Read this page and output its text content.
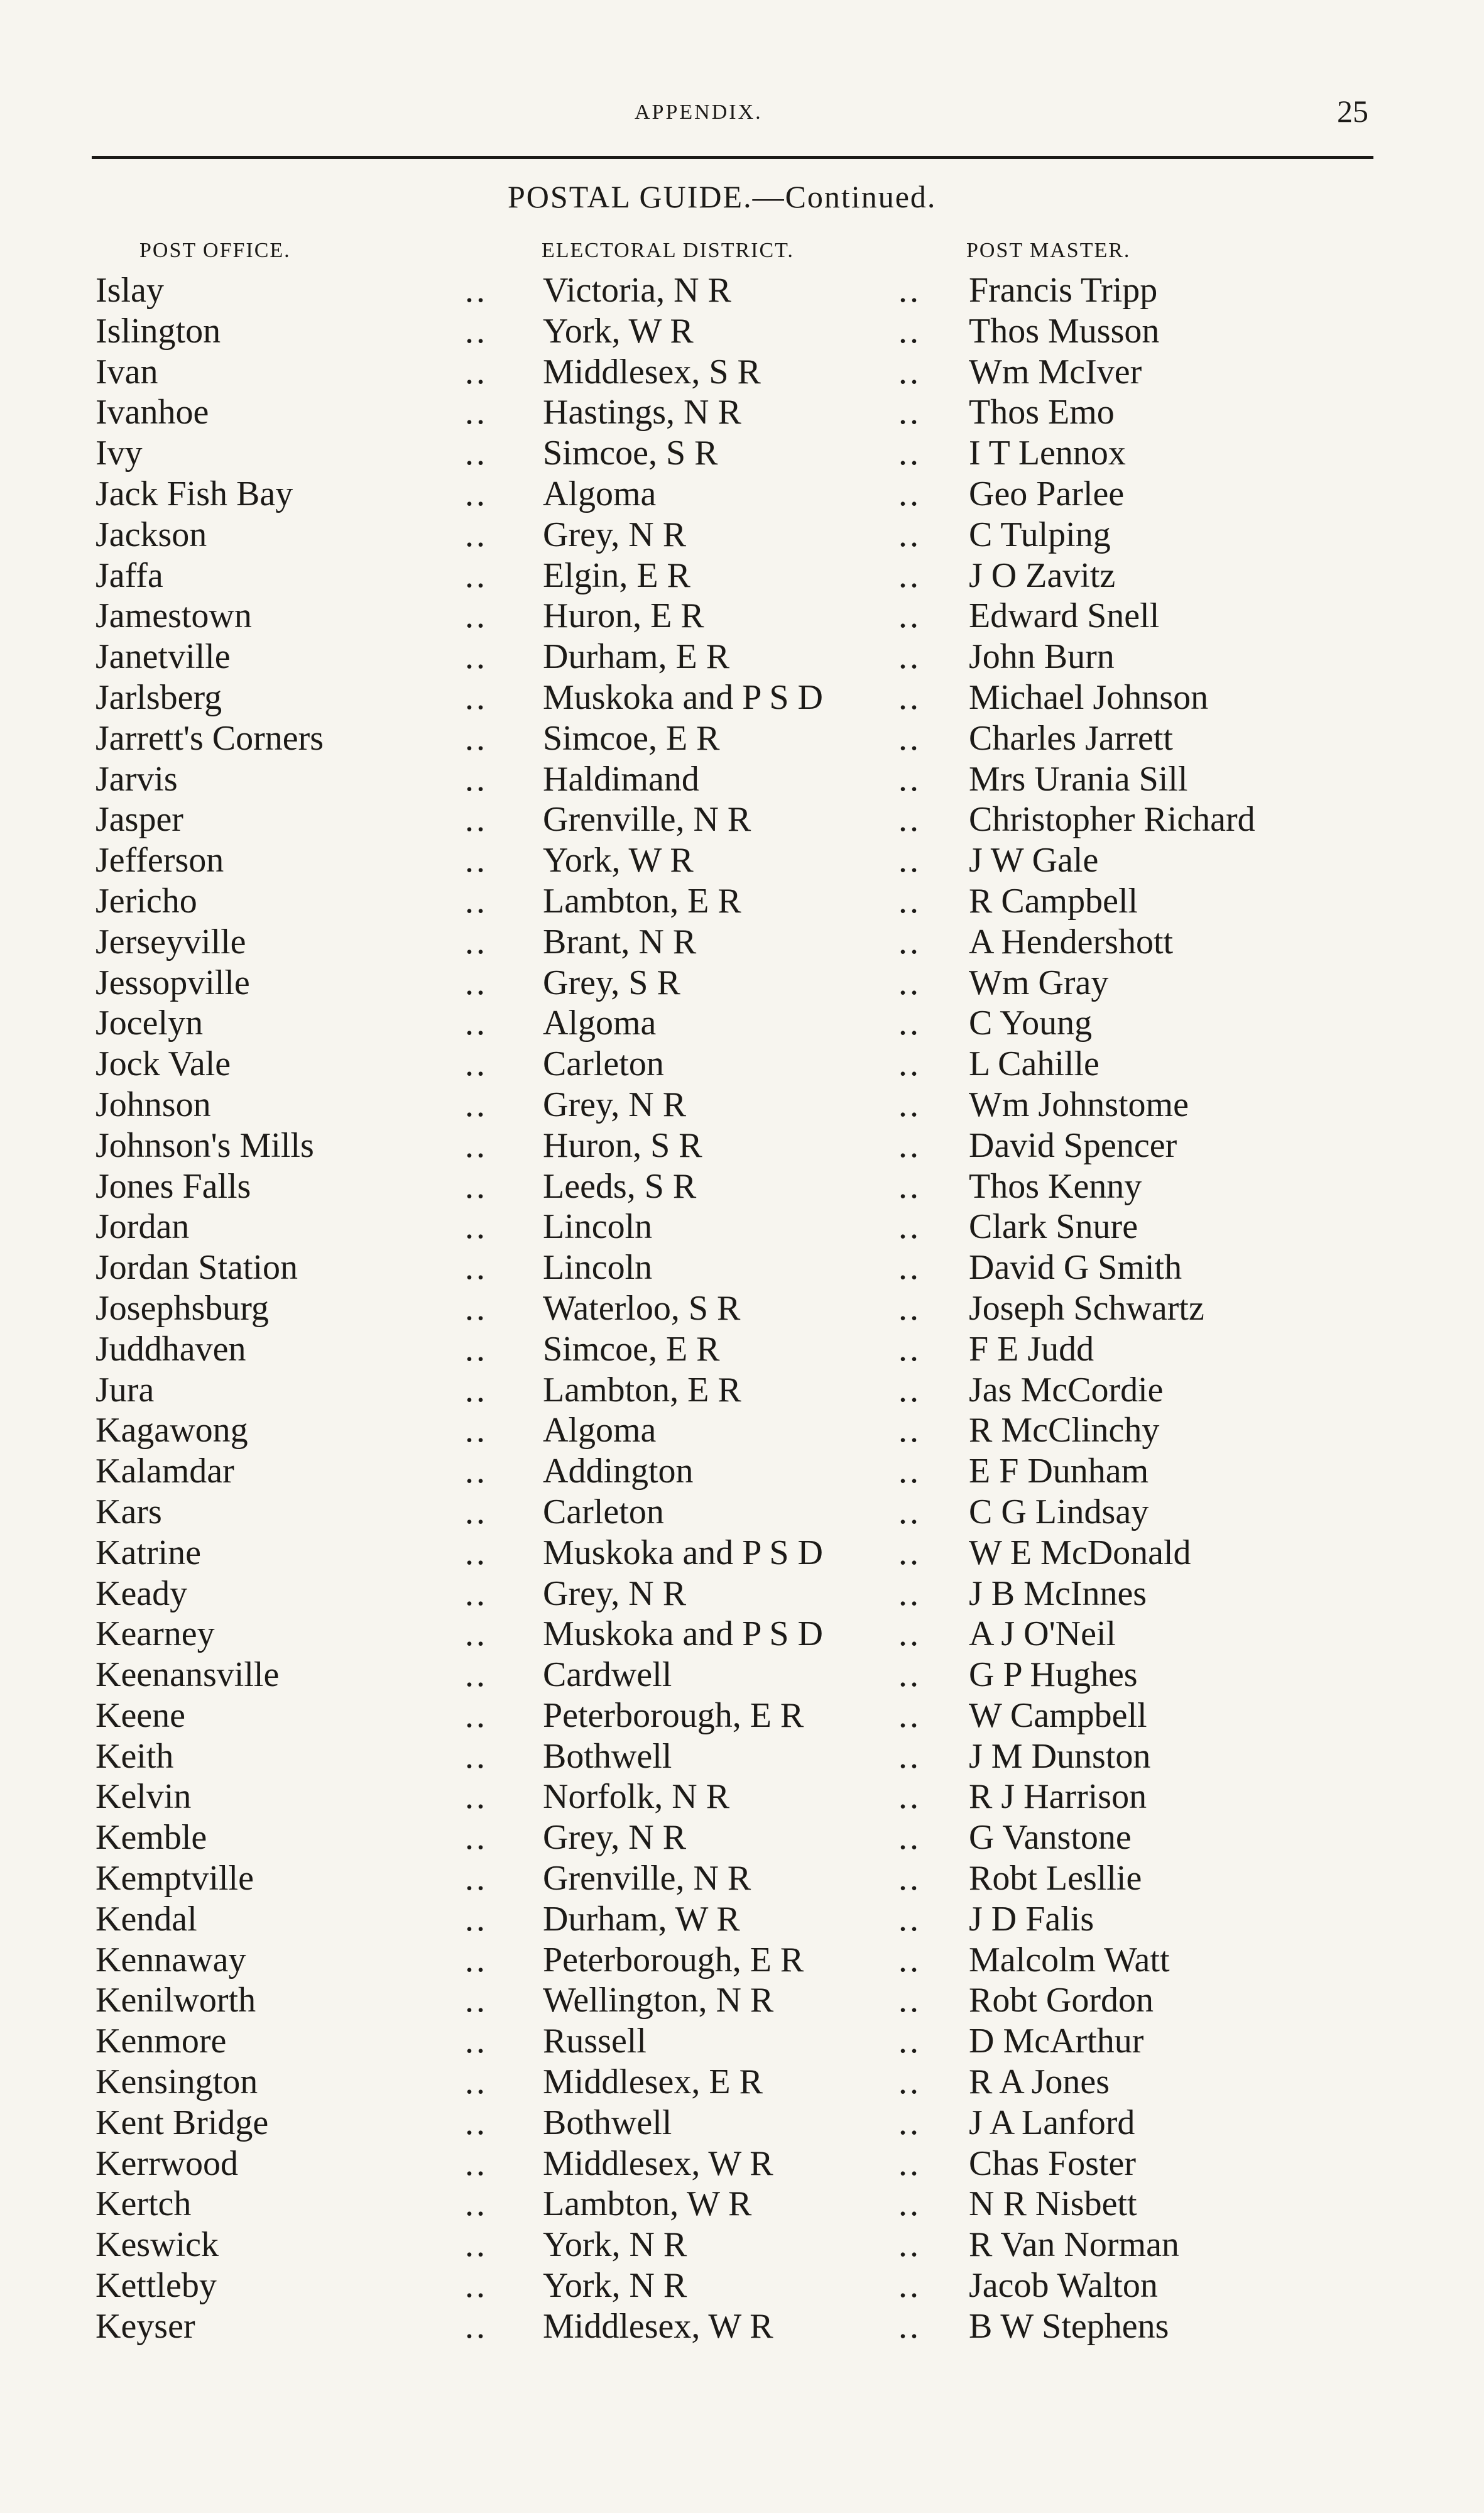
APPENDIX.	25
POSTAL GUIDE.—Continued.
POST OFFICE.	ELECTORAL DISTRICT.	POST MASTER.
Islay	.. Victoria, N R	.. Francis Tripp
Islington	.. York, W R	.. Thos Musson
Ivan	.. Middlesex, S R	.. Wm McIver
Ivanhoe	.. Hastings, N R	.. Thos Emo
Ivy	.. Simcoe, S R	.. I T Lennox
Jack Fish Bay	.. Algoma	.. Geo Parlee
Jackson	.. Grey, N R	.. C Tulping
Jaffa	.. Elgin, E R	.. J O Zavitz
Jamestown	.. Huron, E R	.. Edward Snell
Janetville	.. Durham, E R	.. John Burn
Jarlsberg	.. Muskoka and P S D .. Michael Johnson
Jarrett's Corners	.. Simcoe, E R	.. Charles Jarrett
Jarvis	.. Haldimand	.. Mrs Urania Sill
Jasper	.. Grenville, N R	.. Christopher Richard
Jefferson	.. York, W R	.. J W Gale
Jericho	.. Lambton, E R	.. R Campbell
Jerseyville	.. Brant, N R	.. A Hendershott
Jessopville	.. Grey, S R	.. Wm Gray
Jocelyn	.. Algoma	.. C Young
Jock Vale	.. Carleton	.. L Cahille
Johnson	.. Grey, N R	.. Wm Johnstome
Johnson's Mills	.. Huron, S R	.. David Spencer
Jones Falls	.. Leeds, S R	.. Thos Kenny
Jordan	.. Lincoln	.. Clark Snure
Jordan Station	.. Lincoln	.. David G Smith
Josephsburg	.. Waterloo, S R	.. Joseph Schwartz
Juddhaven	.. Simcoe, E R	.. F E Judd
Jura	.. Lambton, E R	.. Jas McCordie
Kagawong	.. Algoma	.. R McClinchy
Kalamdar	.. Addington	.. E F Dunham
Kars	.. Carleton	.. C G Lindsay
Katrine	.. Muskoka and P S D .. W E McDonald
Keady	.. Grey, N R	.. J B McInnes
Kearney	.. Muskoka and P S D .. A J O'Neil
Keenansville	.. Cardwell	.. G P Hughes
Keene	.. Peterborough, E R	.. W Campbell
Keith	.. Bothwell	.. J M Dunston
Kelvin	.. Norfolk, N R	.. R J Harrison
Kemble	.. Grey, N R	.. G Vanstone
Kemptville	.. Grenville, N R	.. Robt Lesllie
Kendal	.. Durham, W R	.. J D Falis
Kennaway	.. Peterborough, E R	.. Malcolm Watt
Kenilworth	.. Wellington, N R	.. Robt Gordon
Kenmore	.. Russell	.. D McArthur
Kensington	.. Middlesex, E R	.. R A Jones
Kent Bridge	.. Bothwell	.. J A Lanford
Kerrwood	.. Middlesex, W R	.. Chas Foster
Kertch	.. Lambton, W R	.. N R Nisbett
Keswick	.. York, N R	.. R Van Norman
Kettleby	.. York, N R	.. Jacob Walton
Keyser	.. Middlesex, W R	.. B W Stephens
